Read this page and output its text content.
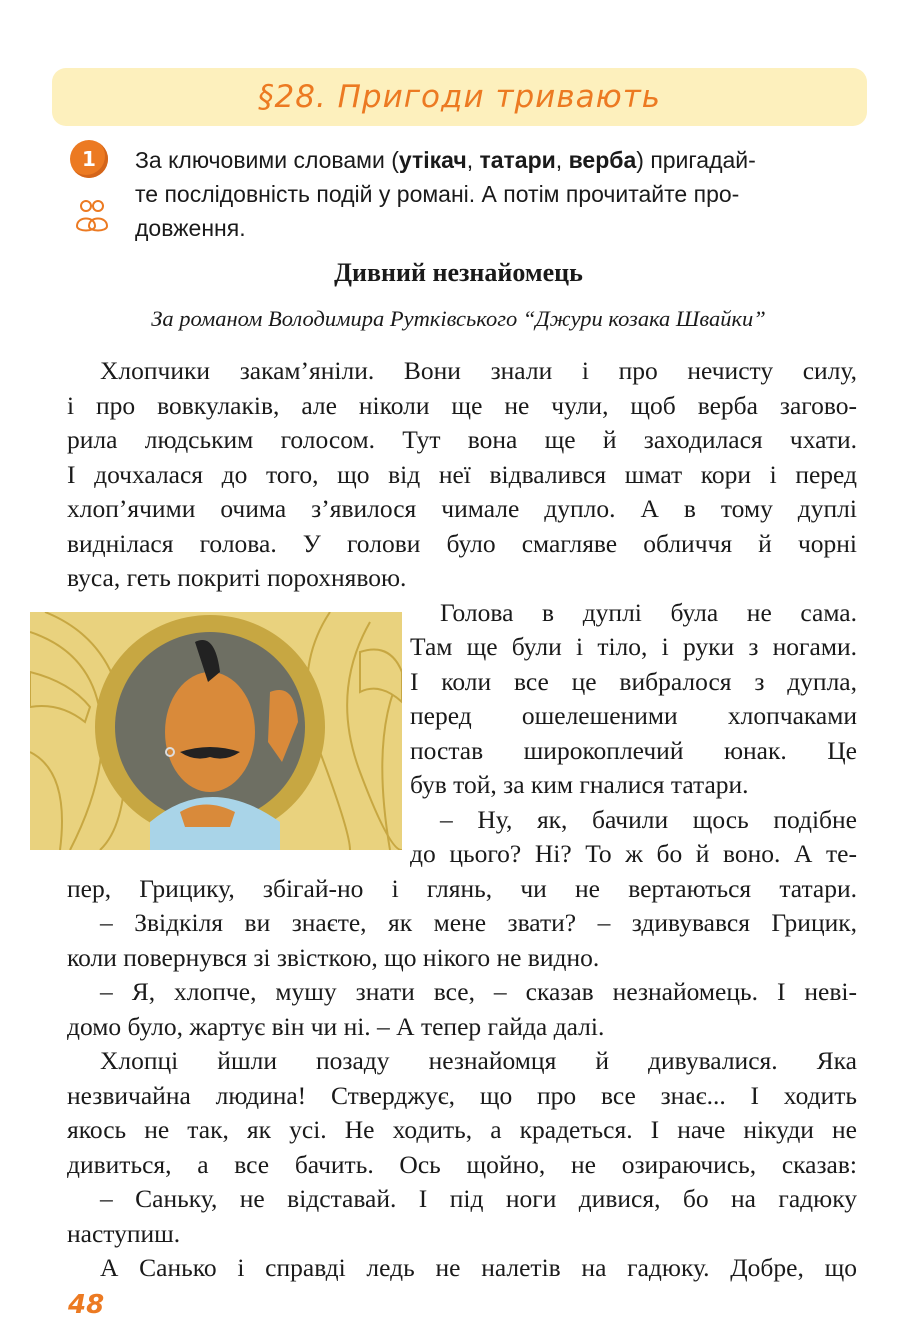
§28. Пригоди тривають
1	За ключовими словами (утікач, татари, верба) пригадай-
те послідовність подій у романі. А потім прочитайте про-
довження.
Дивний незнайомець
За романом Володимира Рутківського “Джури козака Швайки”
Хлопчики закам’яніли. Вони знали і про нечисту силу,
і про вовкулаків, але ніколи ще не чули, щоб верба загово-
рила людським голосом. Тут вона ще й заходилася чхати.
І дочхалася до того, що від неї відвалився шмат кори і перед
хлоп’ячими очима з’явилося чимале дупло. А в тому дуплі
виднілася голова. У голови було смагляве обличчя й чорні
вуса, геть покриті порохнявою.
Голова в дуплі була не сама.
Там ще були і тіло, і руки з ногами.
І коли все це вибралося з дупла,
перед ошелешеними хлопчаками
постав широкоплечий юнак. Це
був той, за ким гналися татари.
– Ну, як, бачили щось подібне
до цього? Ні? То ж бо й воно. А те-
пер, Грицику, збігай-но і глянь, чи не вертаються татари.
– Звідкіля ви знаєте, як мене звати? – здивувався Грицик,
коли повернувся зі звісткою, що нікого не видно.
– Я, хлопче, мушу знати все, – сказав незнайомець. І неві-
домо було, жартує він чи ні. – А тепер гайда далі.
Хлопці йшли позаду незнайомця й дивувалися. Яка
незвичайна людина! Стверджує, що про все знає... І ходить
якось не так, як усі. Не ходить, а крадеться. І наче нікуди не
дивиться, а все бачить. Ось щойно, не озираючись, сказав:
– Саньку, не відставай. І під ноги дивися, бо на гадюку
наступиш.
А Санько і справді ледь не налетів на гадюку. Добре, що
48
